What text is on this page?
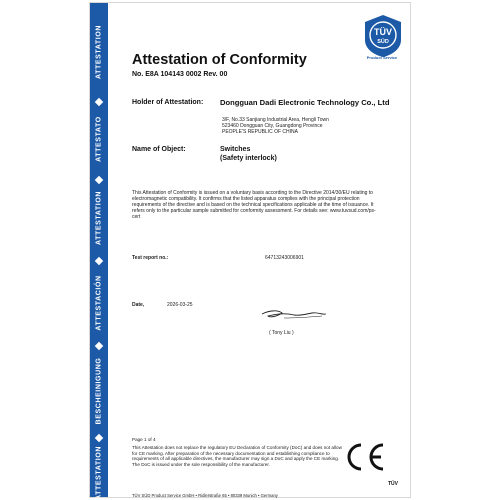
ATTESTATION
ATTESTATO
ATTESTATION
ATTESTACIÓN
BESCHEINIGUNG
ATTESTATION
TÜV
SÜD
Product Service
Attestation of Conformity
No. E8A 104143 0002 Rev. 00
Holder of Attestation: Dongguan Dadi Electronic Technology Co., Ltd
3/F, No.33 Sanjiang Industrial Area, Hengli Town
523460 Dongguan City, Guangdong Province
PEOPLE'S REPUBLIC OF CHINA
Name of Object:	Switches
(Safety interlock)
This Attestation of Conformity is issued on a voluntary basis according to the Directive 2014/30/EU relating to electromagnetic compatibility. It confirms that the listed apparatus complies with the principal protection requirements of the directive and is based on the technical specifications applicable at the time of issuance. It refers only to the particular sample submitted for conformity assessment. For details see: www.tuvsud.com/ps-cert
Test report no.:	64713243006901
Date,	2026-03-25
( Tony Liu )
Page 1 of 4
This Attestation does not replace the regulatory EU Declaration of Conformity (DoC) and does not allow for CE marking. After preparation of the necessary documentation and establishing compliance to requirements of all applicable directives, the manufacturer may sign a DoC and apply the CE marking. The DoC is issued under the sole responsibility of the manufacturer.
TÜV SÜD Product Service GmbH • Ridlerstraße 65 • 80339 Munich • Germany
TÜV
